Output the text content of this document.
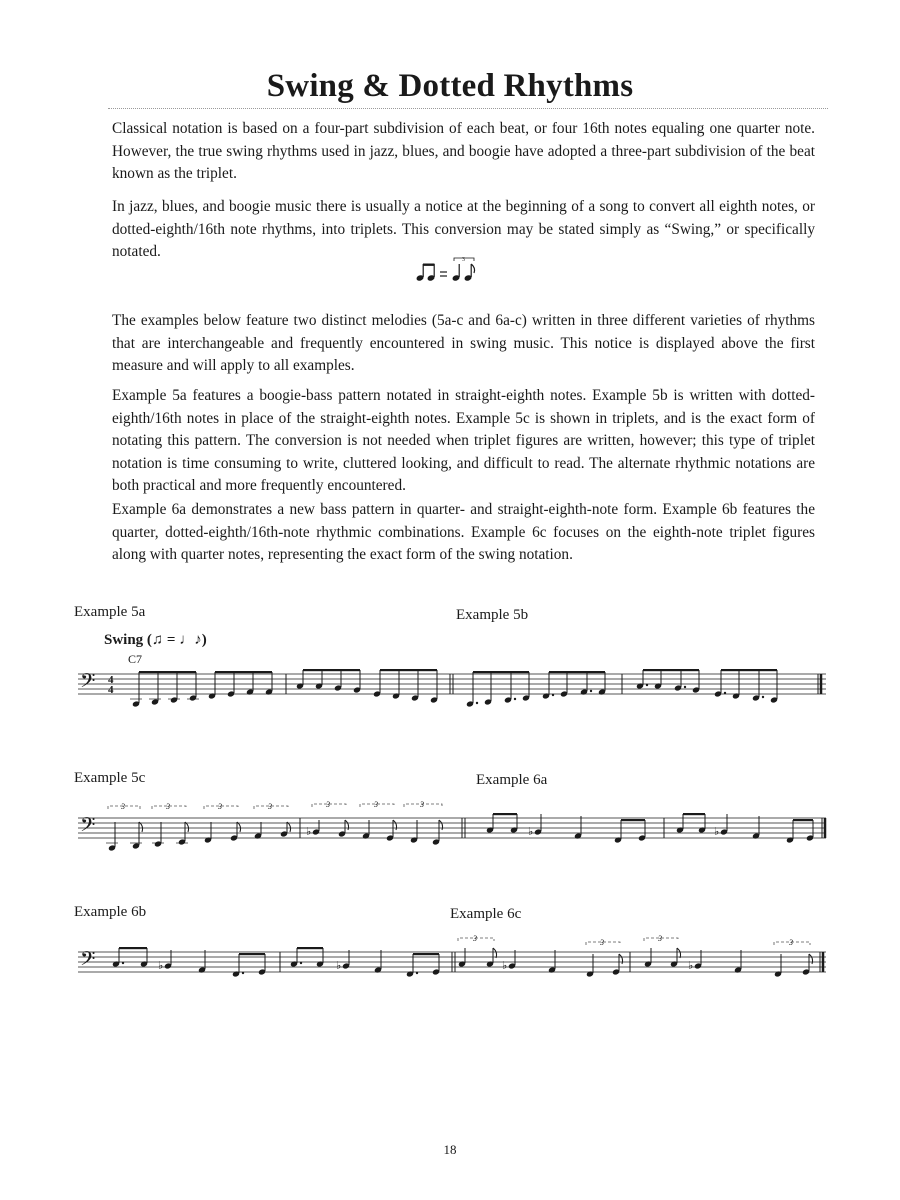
Swing & Dotted Rhythms

Classical notation is based on a four-part subdivision of each beat, or four 16th notes equaling one quarter note. However, the true swing rhythms used in jazz, blues, and boogie have adopted a three-part subdivision of the beat known as the triplet.

In jazz, blues, and boogie music there is usually a notice at the beginning of a song to convert all eighth notes, or dotted-eighth/16th note rhythms, into triplets. This conversion may be stated simply as “Swing,” or specifically notated.	3

The examples below feature two distinct melodies (5a-c and 6a-c) written in three different varieties of rhythms that are interchangeable and frequently encountered in swing music. This notice is displayed above the first measure and will apply to all examples.

Example 5a features a boogie-bass pattern notated in straight-eighth notes. Example 5b is written with dotted-eighth/16th notes in place of the straight-eighth notes. Example 5c is shown in triplets, and is the exact form of notating this pattern. The conversion is not needed when triplet figures are written, however; this type of triplet notation is time consuming to write, cluttered looking, and difficult to read. The alternate rhythmic notations are both practical and more frequently encountered.

Example 6a demonstrates a new bass pattern in quarter- and straight-eighth-note form. Example 6b features the quarter, dotted-eighth/16th-note rhythmic combinations. Example 6c focuses on the eighth-note triplet figures along with quarter notes, representing the exact form of the swing notation.

Example 5a	Example 5b
Swing (♫ = ♩♪)
C7
𝄢 4
4
Example 5c	Example 6a
𝄢
3	3	3	3
♭
3	3	3
♭	♭
Example 6b	Example 6c
𝄢	♭	♭
3
♭
3	3
♭
3
18
